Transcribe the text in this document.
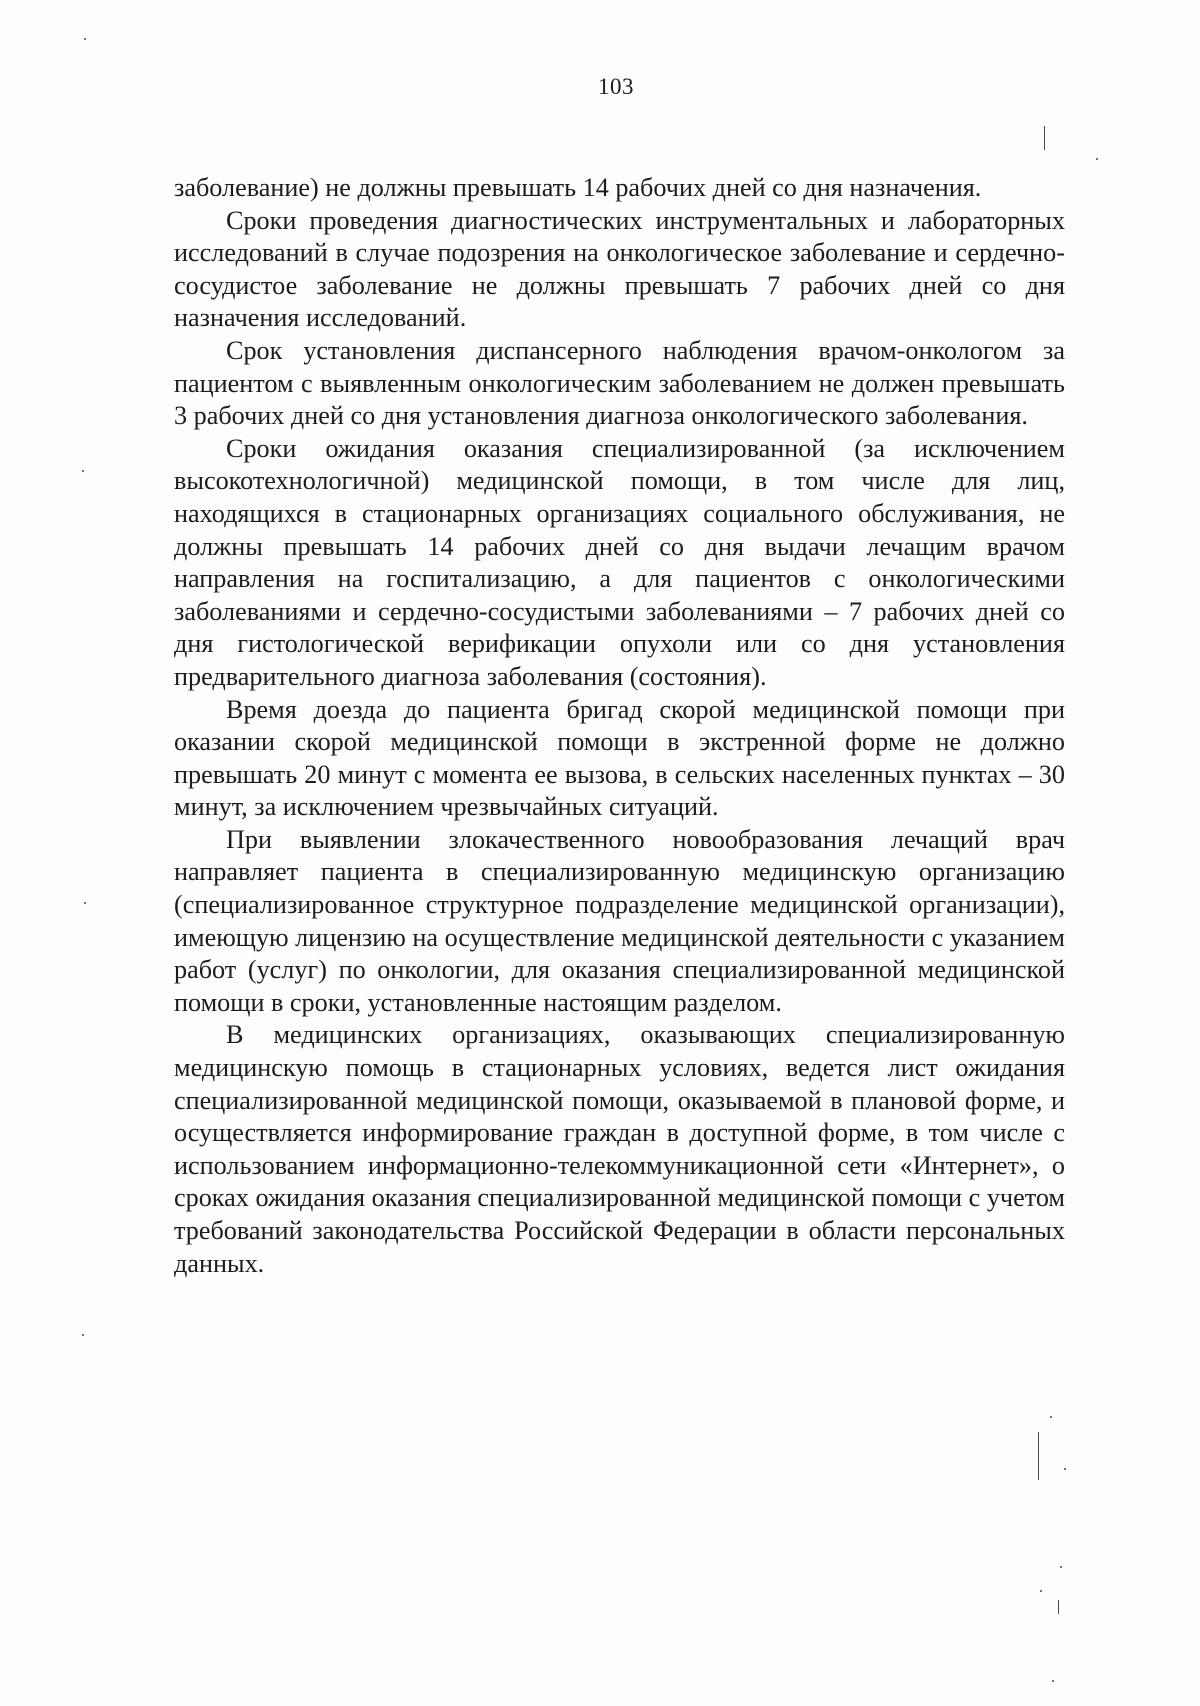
103

заболевание) не должны превышать 14 рабочих дней со дня назначения.

Сроки проведения диагностических инструментальных и лабораторных исследований в случае подозрения на онкологическое заболевание и сердечно-сосудистое заболевание не должны превышать 7 рабочих дней со дня назначения исследований.

Срок установления диспансерного наблюдения врачом-онкологом за пациентом с выявленным онкологическим заболеванием не должен превышать 3 рабочих дней со дня установления диагноза онкологического заболевания.

Сроки ожидания оказания специализированной (за исключением высокотехнологичной) медицинской помощи, в том числе для лиц, находящихся в стационарных организациях социального обслуживания, не должны превышать 14 рабочих дней со дня выдачи лечащим врачом направления на госпитализацию, а для пациентов с онкологическими заболеваниями и сердечно-сосудистыми заболеваниями – 7 рабочих дней со дня гистологической верификации опухоли или со дня установления предварительного диагноза заболевания (состояния).

Время доезда до пациента бригад скорой медицинской помощи при оказании скорой медицинской помощи в экстренной форме не должно превышать 20 минут с момента ее вызова, в сельских населенных пунктах – 30 минут, за исключением чрезвычайных ситуаций.

При выявлении злокачественного новообразования лечащий врач направляет пациента в специализированную медицинскую организацию (специализированное структурное подразделение медицинской организации), имеющую лицензию на осуществление медицинской деятельности с указанием работ (услуг) по онкологии, для оказания специализированной медицинской помощи в сроки, установленные настоящим разделом.

В медицинских организациях, оказывающих специализированную медицинскую помощь в стационарных условиях, ведется лист ожидания специализированной медицинской помощи, оказываемой в плановой форме, и осуществляется информирование граждан в доступной форме, в том числе с использованием информационно-телекоммуникационной сети «Интернет», о сроках ожидания оказания специализированной медицинской помощи с учетом требований законодательства Российской Федерации в области персональных данных.
